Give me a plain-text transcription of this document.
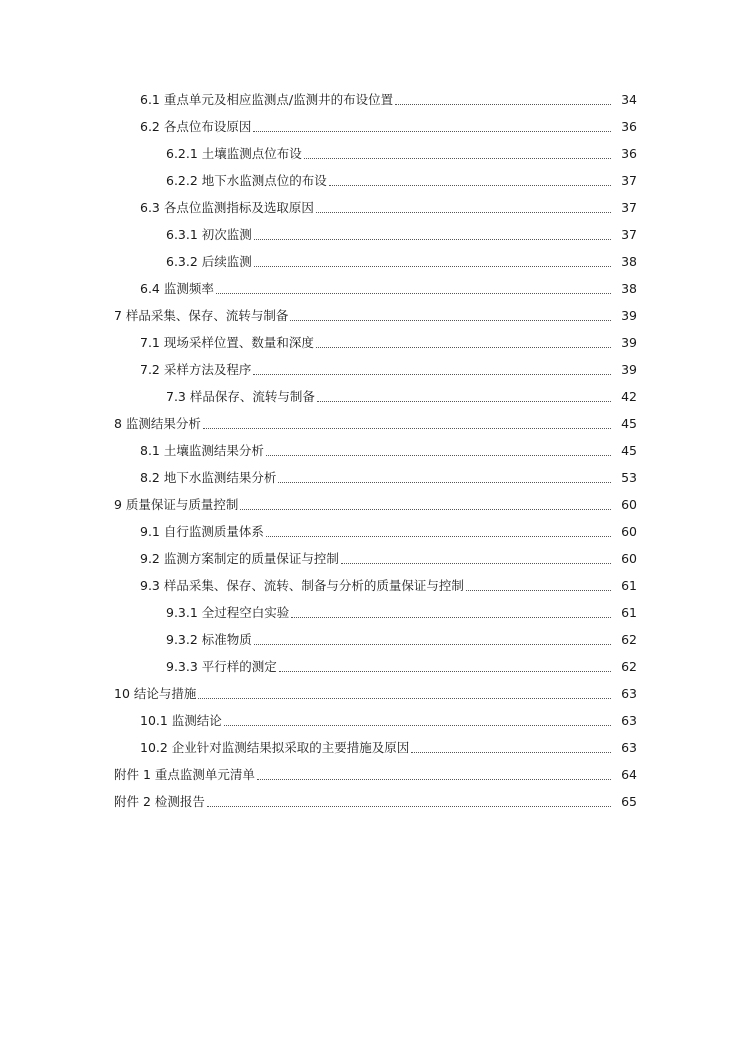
6.1 重点单元及相应监测点/监测井的布设位置	34
6.2 各点位布设原因	36
6.2.1 土壤监测点位布设	36
6.2.2 地下水监测点位的布设	37
6.3 各点位监测指标及选取原因	37
6.3.1 初次监测	37
6.3.2 后续监测	38
6.4 监测频率	38
7 样品采集、保存、流转与制备	39
7.1 现场采样位置、数量和深度	39
7.2 采样方法及程序	39
7.3 样品保存、流转与制备	42
8 监测结果分析	45
8.1 土壤监测结果分析	45
8.2 地下水监测结果分析	53
9 质量保证与质量控制	60
9.1 自行监测质量体系	60
9.2 监测方案制定的质量保证与控制	60
9.3 样品采集、保存、流转、制备与分析的质量保证与控制	61
9.3.1 全过程空白实验	61
9.3.2 标准物质	62
9.3.3 平行样的测定	62
10 结论与措施	63
10.1 监测结论	63
10.2 企业针对监测结果拟采取的主要措施及原因	63
附件 1 重点监测单元清单	64
附件 2 检测报告	65
